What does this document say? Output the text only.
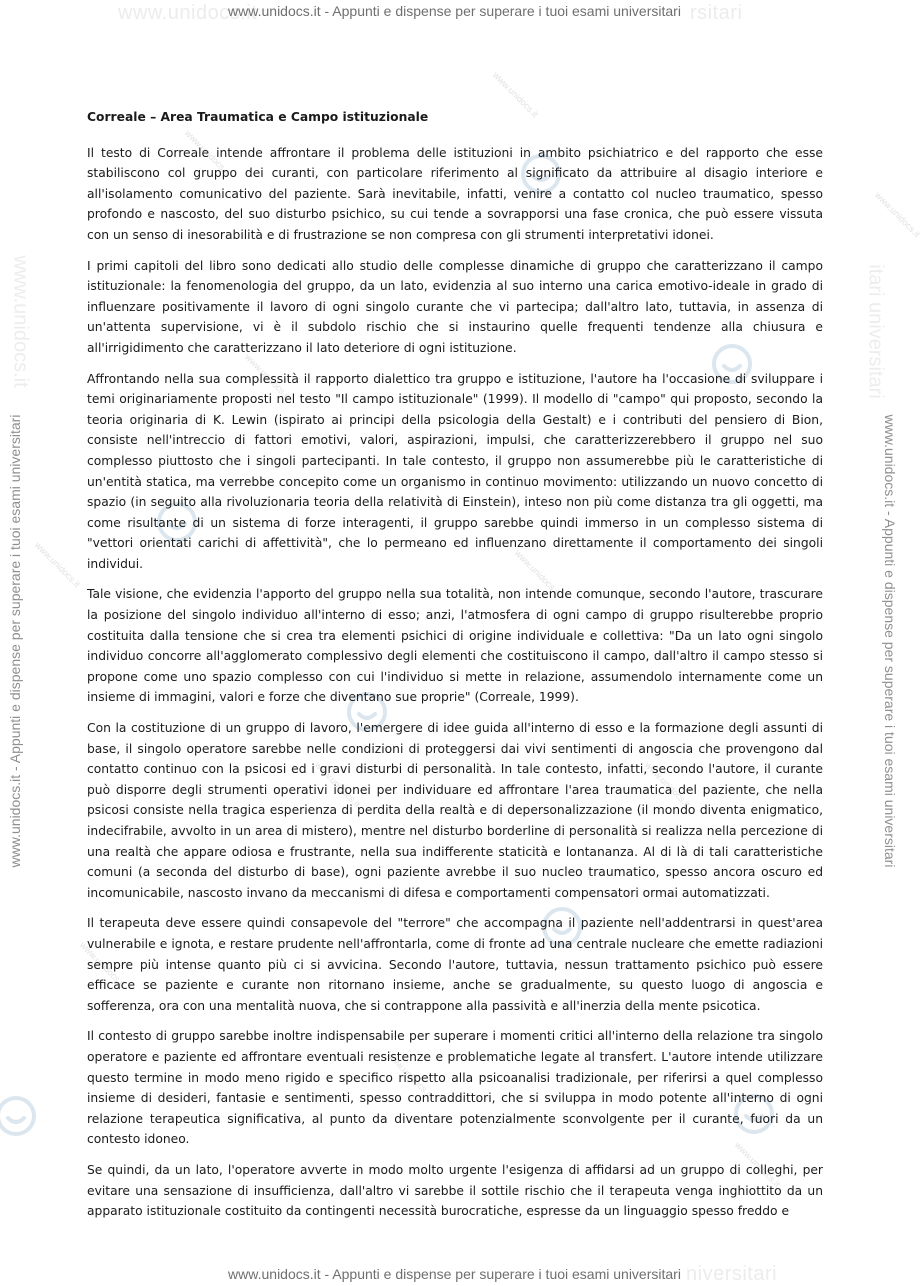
www.unidocs.it	rsitari
niversitari
www.unidocs.it - Appunti e dispense per superare i tuoi esami universitari
www.unidocs.it - Appunti e dispense per superare i tuoi esami universitari
www.unidocs.it - Appunti e dispense per superare i tuoi esami universitari	www.unidocs.it - Appunti e dispense per superare i tuoi esami universitari
www.unidocs.it	itari universitari
www.unidocs.it
www.unidocs.it
www.unidocs.it
www.unidocs.it
www.unidocs.it	www.unidocs.it
www.unidocs.it	www.unidocs.it
www.unidocs.it
www.unidocs.it
www.unidocs.it
Correale – Area Traumatica e Campo istituzionale

Il testo di Correale intende affrontare il problema delle istituzioni in ambito psichiatrico e del rapporto che esse stabiliscono col gruppo dei curanti, con particolare riferimento al significato da attribuire al disagio interiore e all'isolamento comunicativo del paziente. Sarà inevitabile, infatti, venire a contatto col nucleo traumatico, spesso profondo e nascosto, del suo disturbo psichico, su cui tende a sovrapporsi una fase cronica, che può essere vissuta con un senso di inesorabilità e di frustrazione se non compresa con gli strumenti interpretativi idonei.

I primi capitoli del libro sono dedicati allo studio delle complesse dinamiche di gruppo che caratterizzano il campo istituzionale: la fenomenologia del gruppo, da un lato, evidenzia al suo interno una carica emotivo-ideale in grado di influenzare positivamente il lavoro di ogni singolo curante che vi partecipa; dall'altro lato, tuttavia, in assenza di un'attenta supervisione, vi è il subdolo rischio che si instaurino quelle frequenti tendenze alla chiusura e all'irrigidimento che caratterizzano il lato deteriore di ogni istituzione.

Affrontando nella sua complessità il rapporto dialettico tra gruppo e istituzione, l'autore ha l'occasione di sviluppare i temi originariamente proposti nel testo "Il campo istituzionale" (1999). Il modello di "campo" qui proposto, secondo la teoria originaria di K. Lewin (ispirato ai principi della psicologia della Gestalt) e i contributi del pensiero di Bion, consiste nell'intreccio di fattori emotivi, valori, aspirazioni, impulsi, che caratterizzerebbero il gruppo nel suo complesso piuttosto che i singoli partecipanti. In tale contesto, il gruppo non assumerebbe più le caratteristiche di un'entità statica, ma verrebbe concepito come un organismo in continuo movimento: utilizzando un nuovo concetto di spazio (in seguito alla rivoluzionaria teoria della relatività di Einstein), inteso non più come distanza tra gli oggetti, ma come risultante di un sistema di forze interagenti, il gruppo sarebbe quindi immerso in un complesso sistema di "vettori orientati carichi di affettività", che lo permeano ed influenzano direttamente il comportamento dei singoli individui.

Tale visione, che evidenzia l'apporto del gruppo nella sua totalità, non intende comunque, secondo l'autore, trascurare la posizione del singolo individuo all'interno di esso; anzi, l'atmosfera di ogni campo di gruppo risulterebbe proprio costituita dalla tensione che si crea tra elementi psichici di origine individuale e collettiva: "Da un lato ogni singolo individuo concorre all'agglomerato complessivo degli elementi che costituiscono il campo, dall'altro il campo stesso si propone come uno spazio complesso con cui l'individuo si mette in relazione, assumendolo internamente come un insieme di immagini, valori e forze che diventano sue proprie" (Correale, 1999).

Con la costituzione di un gruppo di lavoro, l'emergere di idee guida all'interno di esso e la formazione degli assunti di base, il singolo operatore sarebbe nelle condizioni di proteggersi dai vivi sentimenti di angoscia che provengono dal contatto continuo con la psicosi ed i gravi disturbi di personalità. In tale contesto, infatti, secondo l'autore, il curante può disporre degli strumenti operativi idonei per individuare ed affrontare l'area traumatica del paziente, che nella psicosi consiste nella tragica esperienza di perdita della realtà e di depersonalizzazione (il mondo diventa enigmatico, indecifrabile, avvolto in un area di mistero), mentre nel disturbo borderline di personalità si realizza nella percezione di una realtà che appare odiosa e frustrante, nella sua indifferente staticità e lontananza. Al di là di tali caratteristiche comuni (a seconda del disturbo di base), ogni paziente avrebbe il suo nucleo traumatico, spesso ancora oscuro ed incomunicabile, nascosto invano da meccanismi di difesa e comportamenti compensatori ormai automatizzati.

Il terapeuta deve essere quindi consapevole del "terrore" che accompagna il paziente nell'addentrarsi in quest'area vulnerabile e ignota, e restare prudente nell'affrontarla, come di fronte ad una centrale nucleare che emette radiazioni sempre più intense quanto più ci si avvicina. Secondo l'autore, tuttavia, nessun trattamento psichico può essere efficace se paziente e curante non ritornano insieme, anche se gradualmente, su questo luogo di angoscia e sofferenza, ora con una mentalità nuova, che si contrappone alla passività e all'inerzia della mente psicotica.

Il contesto di gruppo sarebbe inoltre indispensabile per superare i momenti critici all'interno della relazione tra singolo operatore e paziente ed affrontare eventuali resistenze e problematiche legate al transfert. L'autore intende utilizzare questo termine in modo meno rigido e specifico rispetto alla psicoanalisi tradizionale, per riferirsi a quel complesso insieme di desideri, fantasie e sentimenti, spesso contraddittori, che si sviluppa in modo potente all'interno di ogni relazione terapeutica significativa, al punto da diventare potenzialmente sconvolgente per il curante, fuori da un contesto idoneo.

Se quindi, da un lato, l'operatore avverte in modo molto urgente l'esigenza di affidarsi ad un gruppo di colleghi, per evitare una sensazione di insufficienza, dall'altro vi sarebbe il sottile rischio che il terapeuta venga inghiottito da un apparato istituzionale costituito da contingenti necessità burocratiche, espresse da un linguaggio spesso freddo e
